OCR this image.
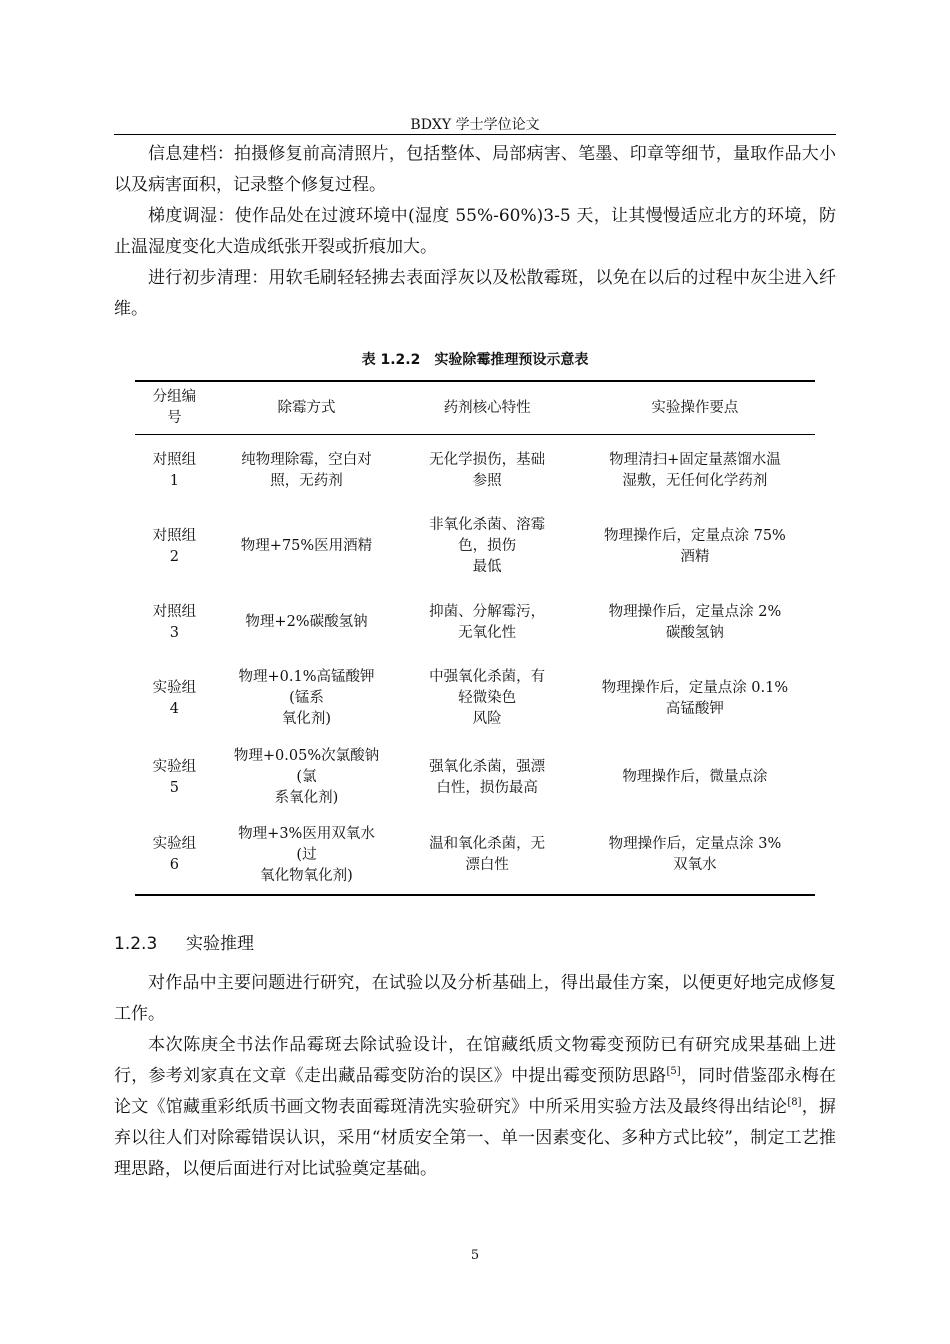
BDXY 学士学位论文

信息建档：拍摄修复前高清照片，包括整体、局部病害、笔墨、印章等细节，量取作品大小以及病害面积，记录整个修复过程。

梯度调湿：使作品处在过渡环境中(湿度 55%-60%)3-5 天，让其慢慢适应北方的环境，防止温湿度变化大造成纸张开裂或折痕加大。

进行初步清理：用软毛刷轻轻拂去表面浮灰以及松散霉斑，以免在以后的过程中灰尘进入纤维。

表 1.2.2　实验除霉推理预设示意表
分组编
号	除霉方式	药剂核心特性	实验操作要点

对照组
1	纯物理除霉，空白对
照，无药剂	无化学损伤，基础
参照	物理清扫+固定量蒸馏水温
湿敷，无任何化学药剂

对照组
2	物理+75%医用酒精	非氧化杀菌、溶霉
色，损伤
最低	物理操作后，定量点涂 75%
酒精

对照组
3	物理+2%碳酸氢钠	抑菌、分解霉污，
无氧化性	物理操作后，定量点涂 2%
碳酸氢钠

实验组
4	物理+0.1%高锰酸钾
(锰系
氧化剂)	中强氧化杀菌，有
轻微染色
风险	物理操作后，定量点涂 0.1%
高锰酸钾

实验组
5	物理+0.05%次氯酸钠
(氯
系氧化剂)	强氧化杀菌，强漂
白性，损伤最高	物理操作后，微量点涂

实验组
6	物理+3%医用双氧水
(过
氧化物氧化剂)	温和氧化杀菌，无
漂白性	物理操作后，定量点涂 3%
双氧水
1.2.3 实验推理

对作品中主要问题进行研究，在试验以及分析基础上，得出最佳方案，以便更好地完成修复工作。

本次陈庚全书法作品霉斑去除试验设计，在馆藏纸质文物霉变预防已有研究成果基础上进行，参考刘家真在文章《走出藏品霉变防治的误区》中提出霉变预防思路[5]，同时借鉴邵永梅在论文《馆藏重彩纸质书画文物表面霉斑清洗实验研究》中所采用实验方法及最终得出结论[8]，摒弃以往人们对除霉错误认识，采用“材质安全第一、单一因素变化、多种方式比较”，制定工艺推理思路，以便后面进行对比试验奠定基础。

5
